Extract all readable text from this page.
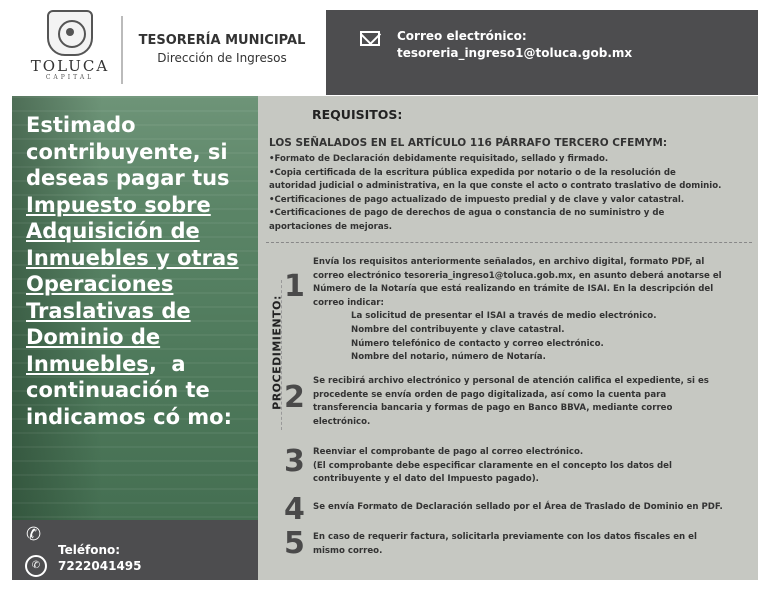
TOLUCA
CAPITAL
TESORERÍA MUNICIPAL
Dirección de Ingresos
Correo electrónico:
tesoreria_ingreso1@toluca.gob.mx
Estimado
contribuyente, si
deseas pagar tus
Impuesto sobre
Adquisición de
Inmuebles y otras
Operaciones
Traslativas de
Dominio de
Inmuebles,  a
continuación te
indicamos có mo:
✆
✆
Teléfono:
7222041495
REQUISITOS:
LOS SEÑALADOS EN EL ARTÍCULO 116 PÁRRAFO TERCERO CFEMYM:
•Formato de Declaración debidamente requisitado, sellado y firmado.
•Copia certificada de la escritura pública expedida por notario o de la resolución de
autoridad judicial o administrativa, en la que conste el acto o contrato traslativo de dominio.
•Certificaciones de pago actualizado de impuesto predial y de clave y valor catastral.
•Certificaciones de pago de derechos de agua o constancia de no suministro y de
aportaciones de mejoras.
PROCEDIMIENTO:
1
Envía los requisitos anteriormente señalados, en archivo digital, formato PDF, al
correo electrónico tesoreria_ingreso1@toluca.gob.mx, en asunto deberá anotarse el
Número de la Notaría que está realizando en trámite de ISAI. En la descripción del
correo indicar:
La solicitud de presentar el ISAI a través de medio electrónico.
Nombre del contribuyente y clave catastral.
Número telefónico de contacto y correo electrónico.
Nombre del notario, número de Notaría.
2 Se recibirá archivo electrónico y personal de atención califica el expediente, si es
procedente se envía orden de pago digitalizada, así como la cuenta para
transferencia bancaria y formas de pago en Banco BBVA, mediante correo
electrónico.
3 Reenviar el comprobante de pago al correo electrónico.
(El comprobante debe especificar claramente en el concepto los datos del
contribuyente y el dato del Impuesto pagado).
4 Se envía Formato de Declaración sellado por el Área de Traslado de Dominio en PDF.
5 En caso de requerir factura, solicitarla previamente con los datos fiscales en el
mismo correo.
